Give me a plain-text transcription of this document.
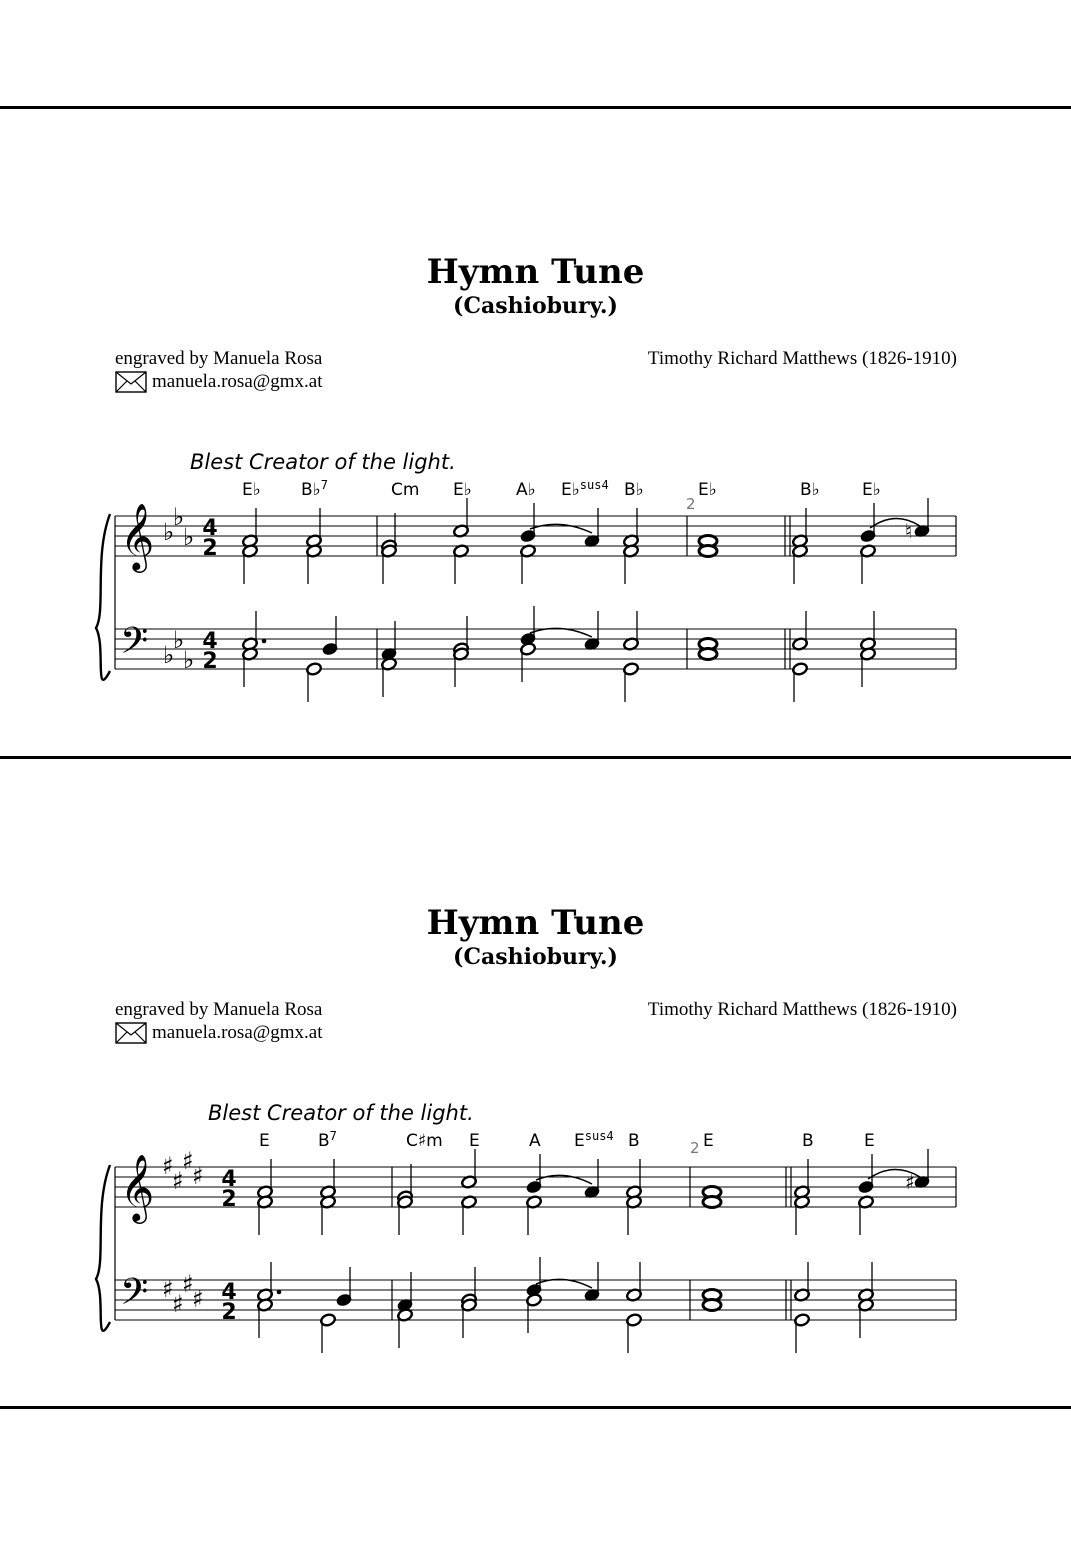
Hymn Tune
(Cashiobury.)
engraved by Manuela Rosa
manuela.rosa@gmx.at
Timothy Richard Matthews (1826-1910)
Blest Creator of the light.
E♭ B♭$^7$	Cm E♭	A♭ E♭$^{sus4}$ B♭	E♭	B♭ E♭
2
𝄞
𝄢
♭
♭
♭
♭
♭
♭
4
2
4
2
♮
Hymn Tune
(Cashiobury.)
engraved by Manuela Rosa
manuela.rosa@gmx.at
Timothy Richard Matthews (1826-1910)
Blest Creator of the light.
E	$B^7$	C♯m E	A $E^{sus4}$ B	E	B	E
2
𝄞
𝄢
♯
♯
♯
♯
♯
♯
♯
♯
4
2
4
2
♯
